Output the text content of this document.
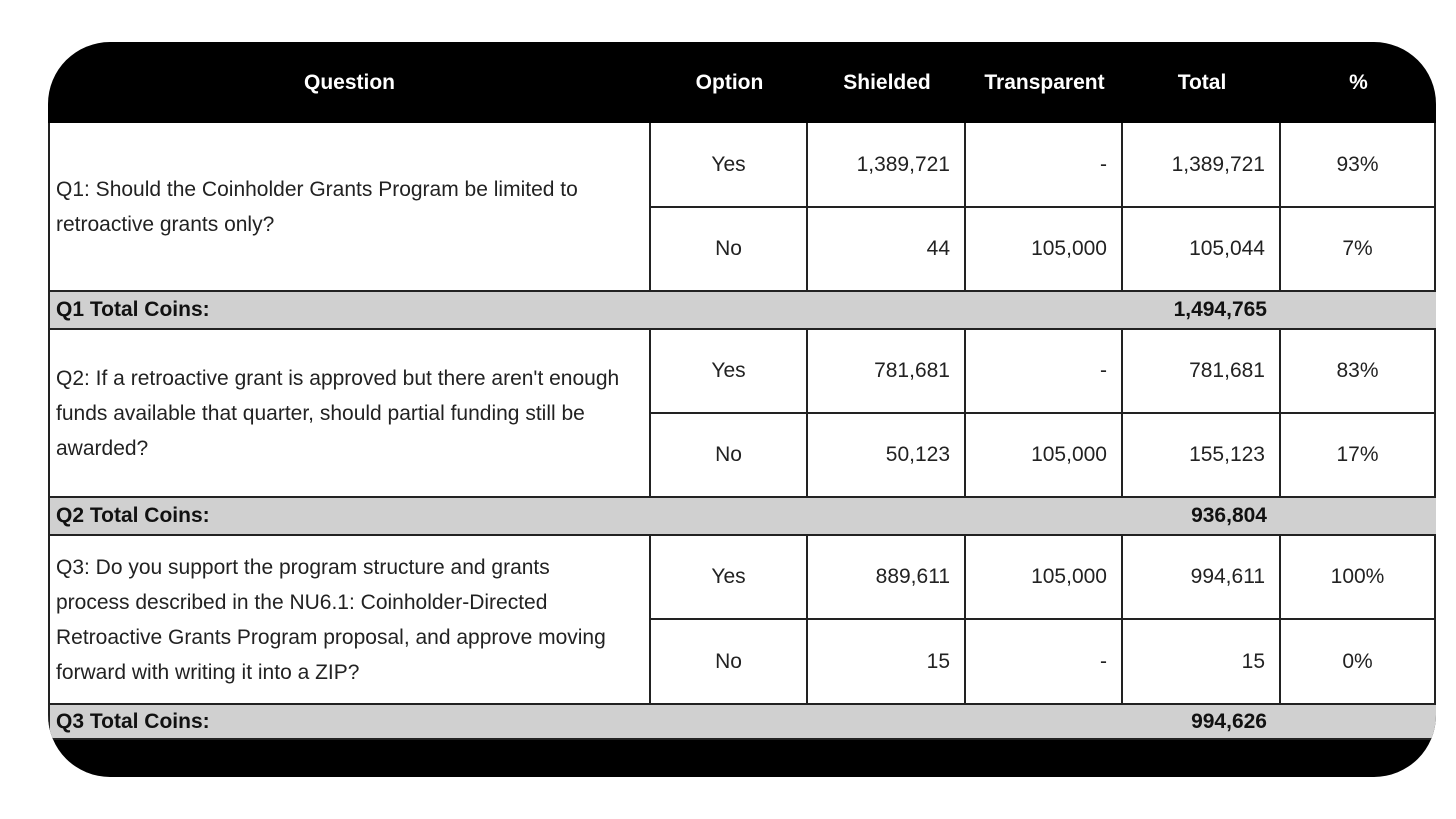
Question	Option	Shielded	Transparent	Total	%
Q1: Should the Coinholder Grants Program be limited to retroactive grants only?
Yes	1,389,721	-	1,389,721	93%
No	44	105,000	105,044	7%
Q1 Total Coins:	1,494,765
Q2: If a retroactive grant is approved but there aren't enough funds available that quarter, should partial funding still be awarded?
Yes	781,681	-	781,681	83%
No	50,123	105,000	155,123	17%
Q2 Total Coins:	936,804
Q3: Do you support the program structure and grants process described in the NU6.1: Coinholder-Directed Retroactive Grants Program proposal, and approve moving forward with writing it into a ZIP?
Yes	889,611	105,000	994,611	100%
No	15	-	15	0%
Q3 Total Coins:	994,626
